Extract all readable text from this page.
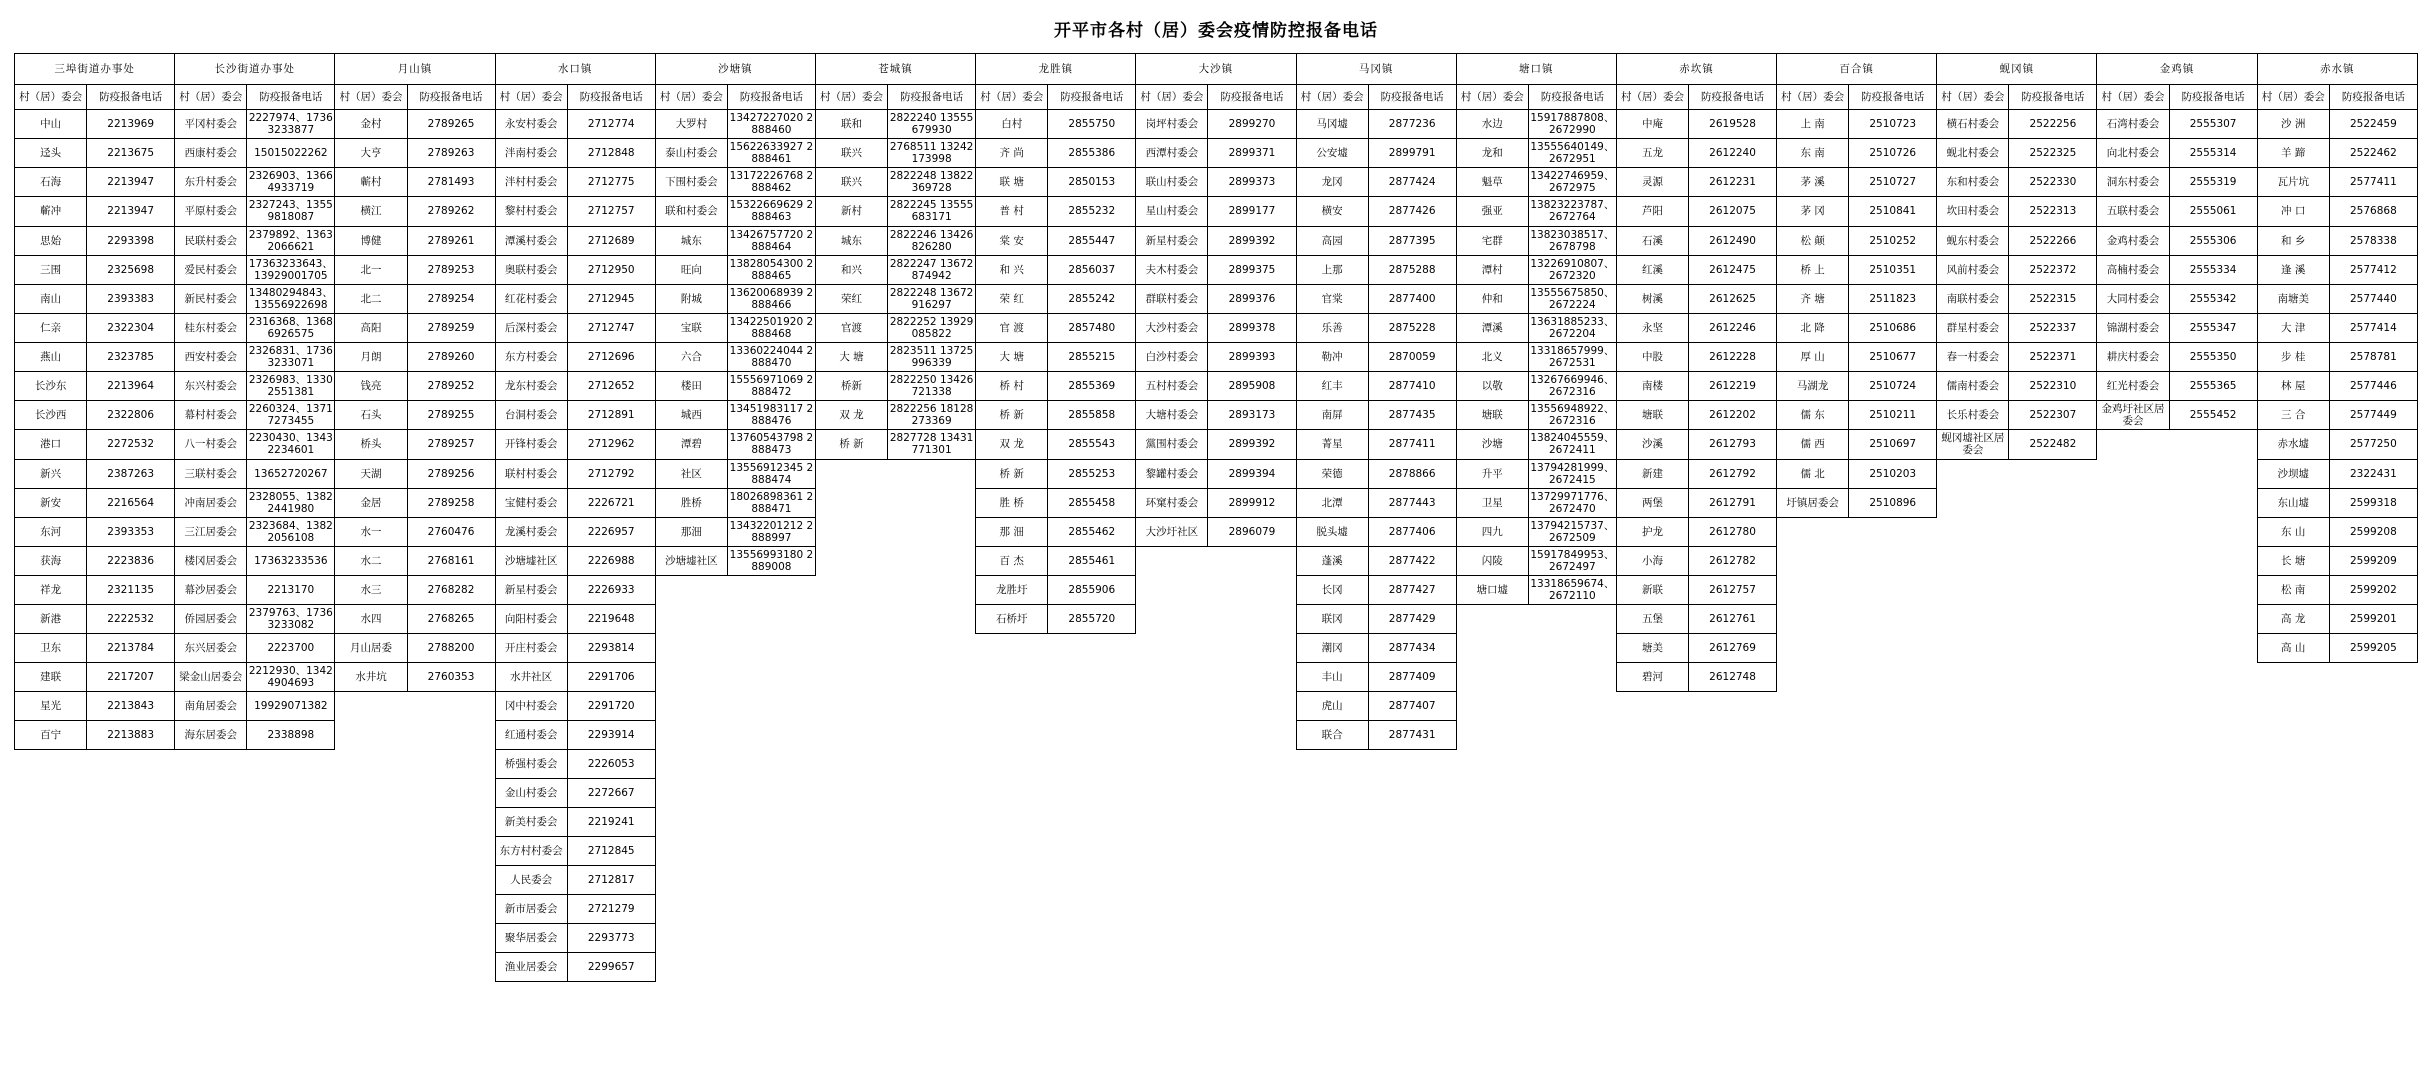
开平市各村（居）委会疫情防控报备电话
三埠街道办事处		长沙街道办事处		月山镇		水口镇		沙塘镇		苍城镇		龙胜镇		大沙镇		马冈镇		塘口镇		赤坎镇		百合镇		蚬冈镇		金鸡镇		赤水镇	
村（居）委会	防疫报备电话	村（居）委会	防疫报备电话	村（居）委会	防疫报备电话	村（居）委会	防疫报备电话	村（居）委会	防疫报备电话	村（居）委会	防疫报备电话	村（居）委会	防疫报备电话	村（居）委会	防疫报备电话	村（居）委会	防疫报备电话	村（居）委会	防疫报备电话	村（居）委会	防疫报备电话	村（居）委会	防疫报备电话	村（居）委会	防疫报备电话	村（居）委会	防疫报备电话	村（居）委会	防疫报备电话
中山	2213969	平冈村委会	2227974、17363233877	金村	2789265	永安村委会	2712774	大罗村	13427227020 2888460	联和	2822240 13555679930	白村	2855750	岗坪村委会	2899270	马冈墟	2877236	水边	15917887808、2672990	中庵	2619528	上 南	2510723	横石村委会	2522256	石湾村委会	2555307	沙 洲	2522459
迳头	2213675	西康村委会	15015022262	大亨	2789263	泮南村委会	2712848	泰山村委会	15622633927 2888461	联兴	2768511 13242173998	齐 尚	2855386	西潭村委会	2899371	公安墟	2899791	龙和	13555640149、2672951	五龙	2612240	东 南	2510726	蚬北村委会	2522325	向北村委会	2555314	羊 蹄	2522462
石海	2213947	东升村委会	2326903、13664933719	蘄村	2781493	泮村村委会	2712775	下围村委会	13172226768 2888462	联兴	2822248 13822369728	联 塘	2850153	联山村委会	2899373	龙冈	2877424	魁草	13422746959、2672975	灵源	2612231	茅 溪	2510727	东和村委会	2522330	洞东村委会	2555319	瓦片坑	2577411
蘄冲	2213947	平原村委会	2327243、13559818087	横江	2789262	黎村村委会	2712757	联和村委会	15322669629 2888463	新村	2822245 13555683171	普 村	2855232	星山村委会	2899177	横安	2877426	强亚	13823223787、2672764	芦阳	2612075	茅 冈	2510841	坎田村委会	2522313	五联村委会	2555061	冲 口	2576868
思始	2293398	民联村委会	2379892、13632066621	博健	2789261	潭溪村委会	2712689	城东	13426757720 2888464	城东	2822246 13426826280	棠 安	2855447	新星村委会	2899392	高园	2877395	宅群	13823038517、2678798	石溪	2612490	松 颠	2510252	蚬东村委会	2522266	金鸡村委会	2555306	和 乡	2578338
三围	2325698	爱民村委会	17363233643、13929001705	北一	2789253	奥联村委会	2712950	旺向	13828054300 2888465	和兴	2822247 13672874942	和 兴	2856037	夫木村委会	2899375	上那	2875288	潭村	13226910807、2672320	红溪	2612475	桥 上	2510351	风前村委会	2522372	高楠村委会	2555334	逢 溪	2577412
南山	2393383	新民村委会	13480294843、13556922698	北二	2789254	红花村委会	2712945	附城	13620068939 2888466	荣红	2822248 13672916297	荣 红	2855242	群联村委会	2899376	官棠	2877400	仲和	13555675850、2672224	树溪	2612625	齐 塘	2511823	南联村委会	2522315	大同村委会	2555342	南塘美	2577440
仁亲	2322304	桂东村委会	2316368、13686926575	高阳	2789259	后深村委会	2712747	宝联	13422501920 2888468	官渡	2822252 13929085822	官 渡	2857480	大沙村委会	2899378	乐善	2875228	潭溪	13631885233、2672204	永坚	2612246	北 降	2510686	群星村委会	2522337	锦湖村委会	2555347	大 津	2577414
燕山	2323785	西安村委会	2326831、17363233071	月朗	2789260	东方村委会	2712696	六合	13360224044 2888470	大 塘	2823511 13725996339	大 塘	2855215	白沙村委会	2899393	勒冲	2870059	北义	13318657999、2672531	中股	2612228	厚 山	2510677	春一村委会	2522371	耕庆村委会	2555350	步 桂	2578781
长沙东	2213964	东兴村委会	2326983、13302551381	钱亮	2789252	龙东村委会	2712652	楼田	15556971069 2888472	桥新	2822250 13426721338	桥 村	2855369	五村村委会	2895908	红丰	2877410	以敬	13267669946、2672316	南楼	2612219	马湖龙	2510724	儒南村委会	2522310	红光村委会	2555365	林 屋	2577446
长沙西	2322806	幕村村委会	2260324、13717273455	石头	2789255	台洞村委会	2712891	城西	13451983117 2888476	双 龙	2822256 18128273369	桥 新	2855858	大塘村委会	2893173	南屏	2877435	塘联	13556948922、2672316	塘联	2612202	儒 东	2510211	长乐村委会	2522307	金鸡圩社区居委会	2555452	三 合	2577449
港口	2272532	八一村委会	2230430、13432234601	桥头	2789257	开锋村委会	2712962	潭碧	13760543798 2888473	桥 新	2827728 13431771301	双 龙	2855543	黨围村委会	2899392	菁星	2877411	沙塘	13824045559、2672411	沙溪	2612793	儒 西	2510697	蚬冈墟社区居委会	2522482			赤水墟	2577250
新兴	2387263	三联村委会	13652720267	天湖	2789256	联村村委会	2712792	社区	13556912345 2888474			桥 新	2855253	黎罐村委会	2899394	荣德	2878866	升平	13794281999、2672415	新建	2612792	儒 北	2510203					沙坝墟	2322431
新安	2216564	冲南居委会	2328055、13822441980	金居	2789258	宝健村委会	2226721	胜桥	18026898361 2888471			胜 桥	2855458	环窠村委会	2899912	北潭	2877443	卫星	13729971776、2672470	两堡	2612791	圩镇居委会	2510896					东山墟	2599318
东河	2393353	三江居委会	2323684、13822056108	水一	2760476	龙溪村委会	2226957	那沺	13432201212 2888997			那 沺	2855462	大沙圩社区	2896079	脱头墟	2877406	四九	13794215737、2672509	护龙	2612780							东 山	2599208
获海	2223836	楼冈居委会	17363233536	水二	2768161	沙塘墟社区	2226988	沙塘墟社区	13556993180 2889008			百 杰	2855461			蓬溪	2877422	闪陵	15917849953、2672497	小海	2612782							长 塘	2599209
祥龙	2321135	幕沙居委会	2213170	水三	2768282	新星村委会	2226933					龙胜圩	2855906			长冈	2877427	塘口墟	13318659674、2672110	新联	2612757							松 南	2599202
新港	2222532	侨园居委会	2379763、17363233082	水四	2768265	向阳村委会	2219648					石桥圩	2855720			联冈	2877429			五堡	2612761							高 龙	2599201
卫东	2213784	东兴居委会	2223700	月山居委	2788200	开庄村委会	2293814									潮冈	2877434			塘美	2612769							高 山	2599205
建联	2217207	梁金山居委会	2212930、13424904693	水井坑	2760353	水井社区	2291706									丰山	2877409			碧河	2612748								
星光	2213843	南角居委会	19929071382			冈中村委会	2291720									虎山	2877407												
百宁	2213883	海东居委会	2338898			红通村委会	2293914									联合	2877431												
						桥强村委会	2226053																						
						金山村委会	2272667																						
						新美村委会	2219241																						
						东方村村委会	2712845																						
						人民委会	2712817																						
						新市居委会	2721279																						
						聚华居委会	2293773																						
						渔业居委会	2299657																						
